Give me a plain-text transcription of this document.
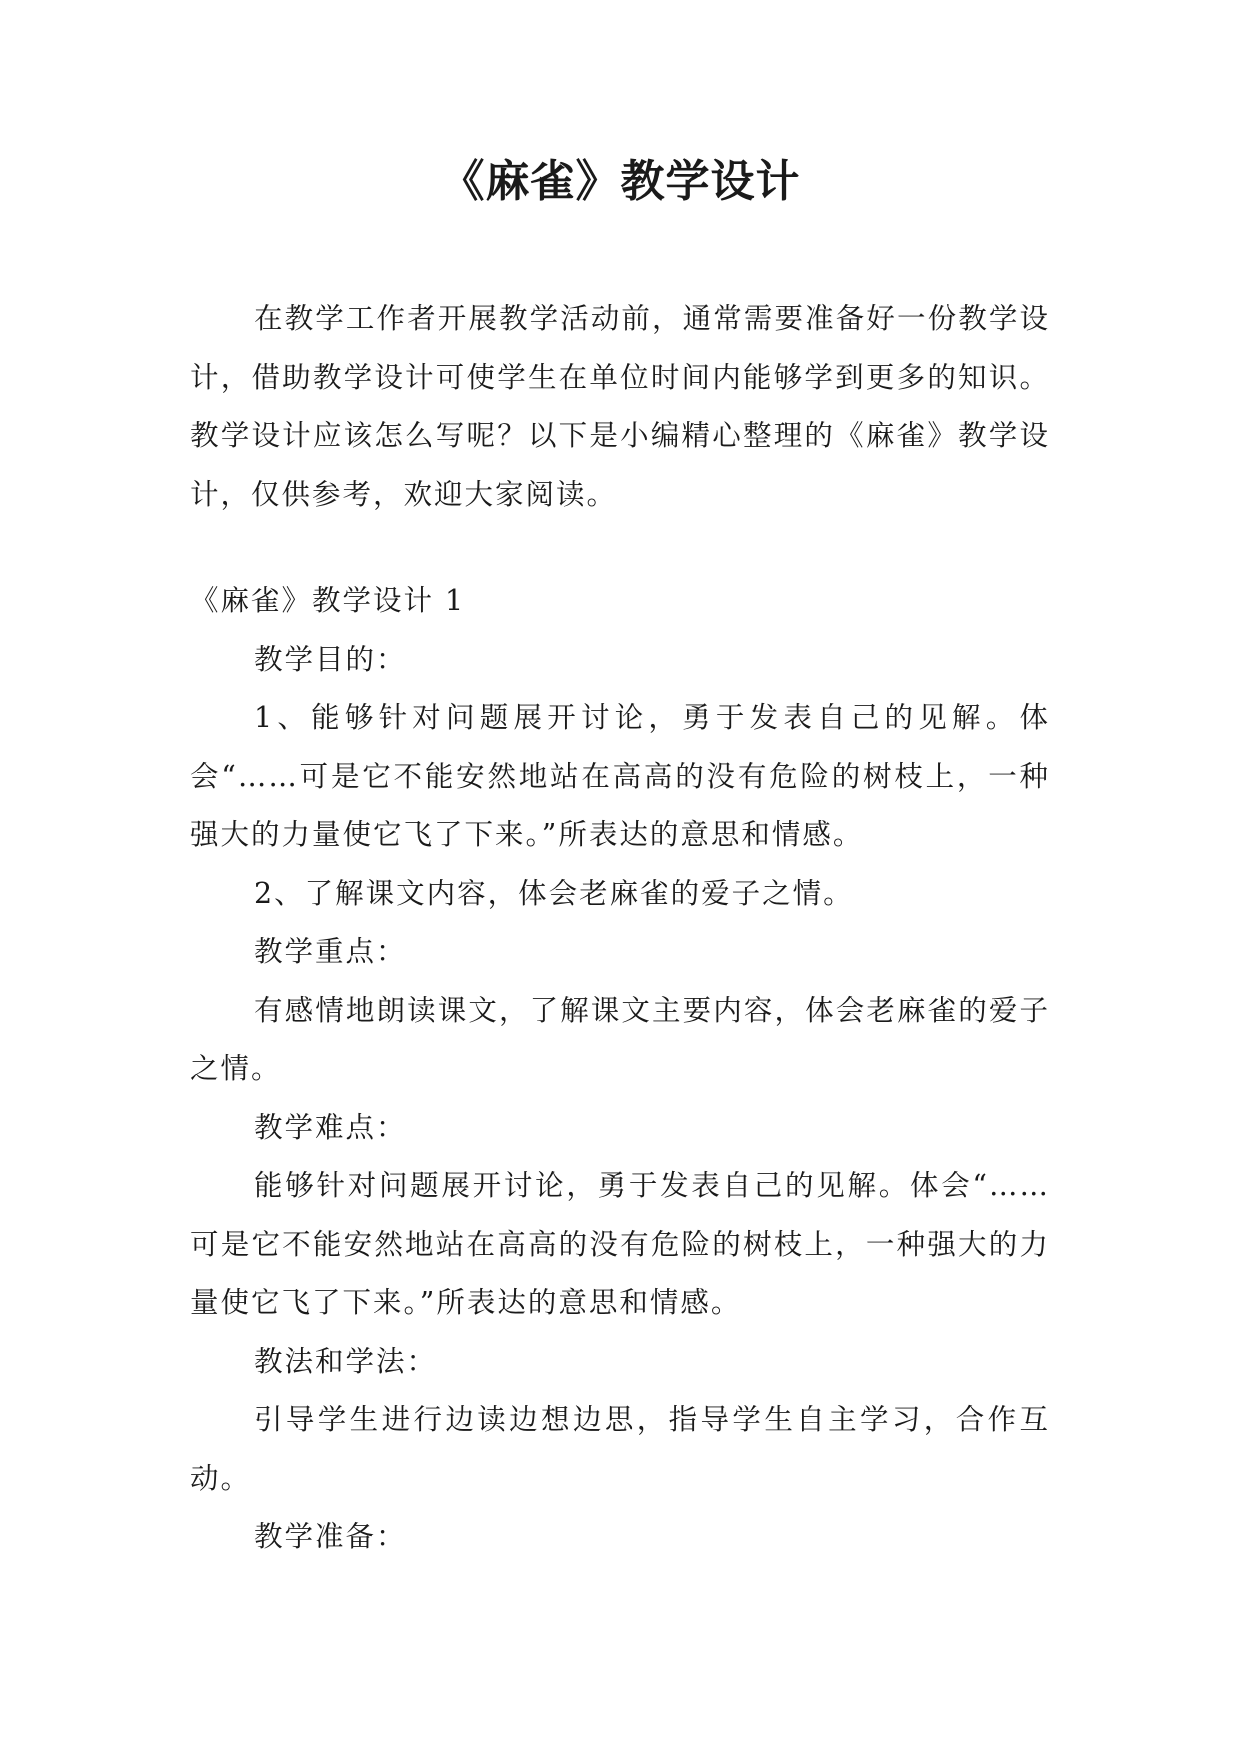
《麻雀》教学设计

在教学工作者开展教学活动前，通常需要准备好一份教学设计，借助教学设计可使学生在单位时间内能够学到更多的知识。教学设计应该怎么写呢？以下是小编精心整理的《麻雀》教学设计，仅供参考，欢迎大家阅读。

《麻雀》教学设计 1

教学目的：

1、能够针对问题展开讨论，勇于发表自己的见解。体会“……可是它不能安然地站在高高的没有危险的树枝上，一种强大的力量使它飞了下来。”所表达的意思和情感。

2、了解课文内容，体会老麻雀的爱子之情。

教学重点：

有感情地朗读课文，了解课文主要内容，体会老麻雀的爱子之情。

教学难点：

能够针对问题展开讨论，勇于发表自己的见解。体会“……可是它不能安然地站在高高的没有危险的树枝上，一种强大的力量使它飞了下来。”所表达的意思和情感。

教法和学法：

引导学生进行边读边想边思，指导学生自主学习，合作互动。

教学准备：
